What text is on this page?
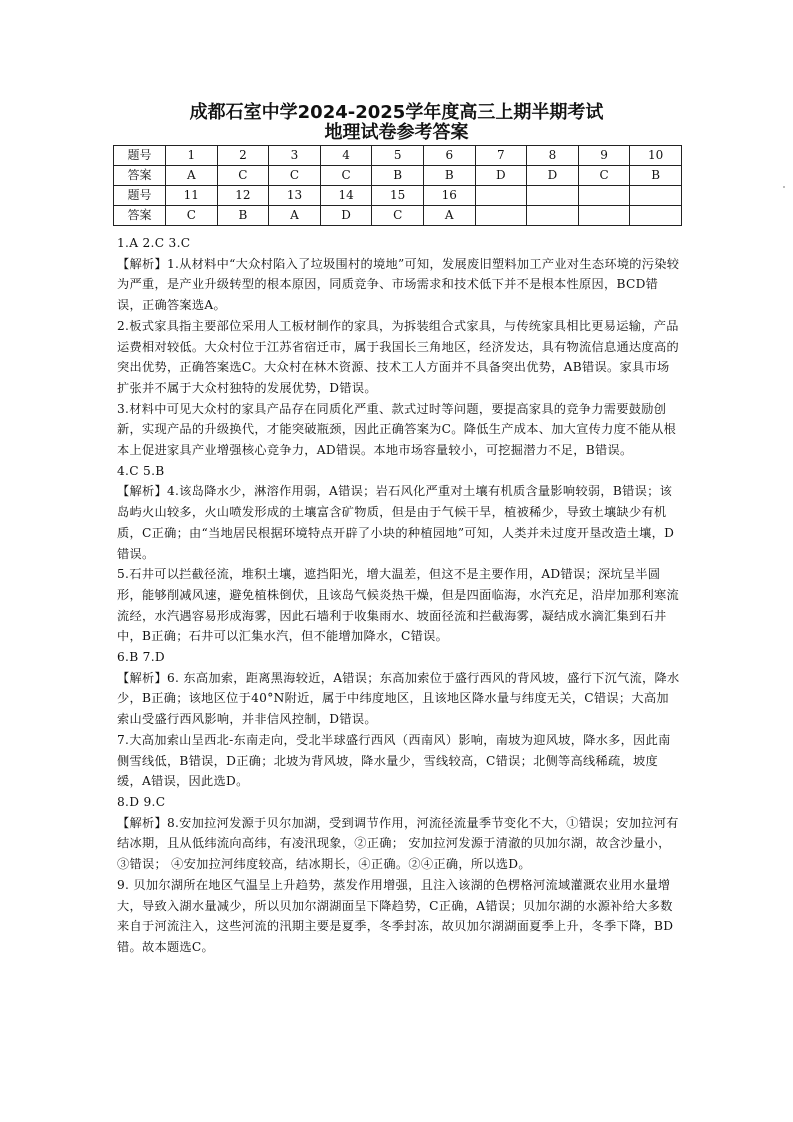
成都石室中学2024-2025学年度高三上期半期考试
地理试卷参考答案
题号	1	2	3	4	5	6	7	8	9	10
答案	A	C	C	C	B	B	D	D	C	B
题号	11	12	13	14	15	16				
答案	C	B	A	D	C	A				

1.A 2.C 3.C

【解析】1.从材料中“大众村陷入了垃圾围村的境地”可知，发展废旧塑料加工产业对生态环境的污染较为严重，是产业升级转型的根本原因，同质竞争、市场需求和技术低下并不是根本性原因，BCD错误，正确答案选A。

2.板式家具指主要部位采用人工板材制作的家具，为拆装组合式家具，与传统家具相比更易运输，产品运费相对较低。大众村位于江苏省宿迁市，属于我国长三角地区，经济发达，具有物流信息通达度高的突出优势，正确答案选C。大众村在林木资源、技术工人方面并不具备突出优势，AB错误。家具市场扩张并不属于大众村独特的发展优势，D错误。

3.材料中可见大众村的家具产品存在同质化严重、款式过时等问题，要提高家具的竞争力需要鼓励创新，实现产品的升级换代，才能突破瓶颈，因此正确答案为C。降低生产成本、加大宣传力度不能从根本上促进家具产业增强核心竞争力，AD错误。本地市场容量较小，可挖掘潜力不足，B错误。

4.C 5.B

【解析】4.该岛降水少，淋溶作用弱，A错误；岩石风化严重对土壤有机质含量影响较弱，B错误；该岛屿火山较多，火山喷发形成的土壤富含矿物质，但是由于气候干旱，植被稀少，导致土壤缺少有机质，C正确；由“当地居民根据环境特点开辟了小块的种植园地”可知，人类并未过度开垦改造土壤，D错误。

5.石井可以拦截径流，堆积土壤，遮挡阳光，增大温差，但这不是主要作用，AD错误；深坑呈半圆形，能够削减风速，避免植株倒伏，且该岛气候炎热干燥，但是四面临海，水汽充足，沿岸加那利寒流流经，水汽遇容易形成海雾，因此石墙利于收集雨水、坡面径流和拦截海雾，凝结成水滴汇集到石井中，B正确；石井可以汇集水汽，但不能增加降水，C错误。

6.B 7.D

【解析】6. 东高加索，距离黑海较近，A错误；东高加索位于盛行西风的背风坡，盛行下沉气流，降水少，B正确；该地区位于40°N附近，属于中纬度地区，且该地区降水量与纬度无关，C错误；大高加索山受盛行西风影响，并非信风控制，D错误。

7.大高加索山呈西北-东南走向，受北半球盛行西风（西南风）影响，南坡为迎风坡，降水多，因此南侧雪线低，B错误，D正确；北坡为背风坡，降水量少，雪线较高，C错误；北侧等高线稀疏，坡度缓，A错误，因此选D。

8.D 9.C

【解析】8.安加拉河发源于贝尔加湖，受到调节作用，河流径流量季节变化不大，①错误；安加拉河有结冰期，且从低纬流向高纬，有凌汛现象，②正确； 安加拉河发源于清澈的贝加尔湖，故含沙量小，③错误； ④安加拉河纬度较高，结冰期长，④正确。②④正确，所以选D。

9. 贝加尔湖所在地区气温呈上升趋势，蒸发作用增强，且注入该湖的色楞格河流域灌溉农业用水量增大，导致入湖水量减少，所以贝加尔湖湖面呈下降趋势，C正确，A错误；贝加尔湖的水源补给大多数来自于河流注入，这些河流的汛期主要是夏季，冬季封冻，故贝加尔湖湖面夏季上升，冬季下降，BD错。故本题选C。
